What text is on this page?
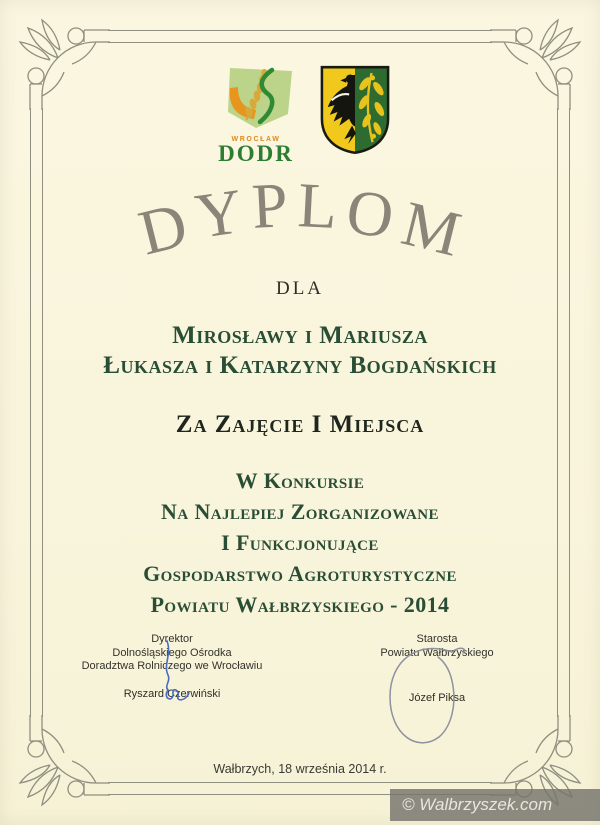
WROCŁAW
DODR
D
Y P L O
M
DLA
Mirosławy i Mariusza
Łukasza i Katarzyny Bogdańskich
Za Zajęcie I Miejsca
W Konkursie
Na Najlepiej Zorganizowane
I Funkcjonujące
Gospodarstwo Agroturystyczne
Powiatu Wałbrzyskiego - 2014
Dyrektor
Dolnośląskiego Ośrodka
Doradztwa Rolniczego we Wrocławiu
Ryszard Czerwiński
Starosta
Powiatu Wałbrzyskiego
Józef Piksa
Wałbrzych, 18 września 2014 r.
© Walbrzyszek.com
